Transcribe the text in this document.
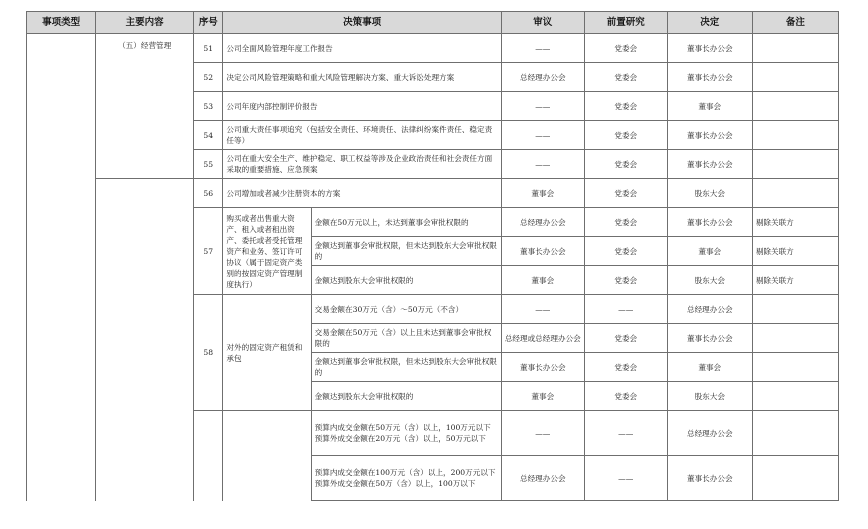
事项类型	主要内容	序号	决策事项		审议	前置研究	决定	备注
	（五）经营管理	51	公司全面风险管理年度工作报告		——	党委会	董事长办公会	
		52	决定公司风险管理策略和重大风险管理解决方案、重大诉讼处理方案		总经理办公会	党委会	董事长办公会	
		53	公司年度内部控制评价报告		——	党委会	董事会	
		54	公司重大责任事项追究（包括安全责任、环境责任、法律纠纷案件责任、稳定责任等）		——	党委会	董事长办公会	
		55	公司在重大安全生产、维护稳定、职工权益等涉及企业政治责任和社会责任方面采取的重要措施、应急预案		——	党委会	董事长办公会	
		56	公司增加或者减少注册资本的方案		董事会	党委会	股东大会	
		57	购买或者出售重大资产、租入或者租出资产、委托或者受托管理资产和业务、签订许可协议（属于固定资产类别的按固定资产管理制度执行）	金额在50万元以上，未达到董事会审批权限的	总经理办公会	党委会	董事长办公会	剔除关联方
				金额达到董事会审批权限，但未达到股东大会审批权限的	董事长办公会	党委会	董事会	剔除关联方
				金额达到股东大会审批权限的	董事会	党委会	股东大会	剔除关联方
		58	对外的固定资产租赁和承包	交易金额在30万元（含）～50万元（不含）	——	——	总经理办公会	
				交易金额在50万元（含）以上且未达到董事会审批权限的	总经理或总经理办公会	党委会	董事长办公会	
				金额达到董事会审批权限，但未达到股东大会审批权限的	董事长办公会	党委会	董事会	
				金额达到股东大会审批权限的	董事会	党委会	股东大会	
				预算内成交金额在50万元（含）以上，100万元以下预算外成交金额在20万元（含）以上，50万元以下	——	——	总经理办公会	
				预算内成交金额在100万元（含）以上，200万元以下预算外成交金额在50万（含）以上，100万以下	总经理办公会	——	董事长办公会	
